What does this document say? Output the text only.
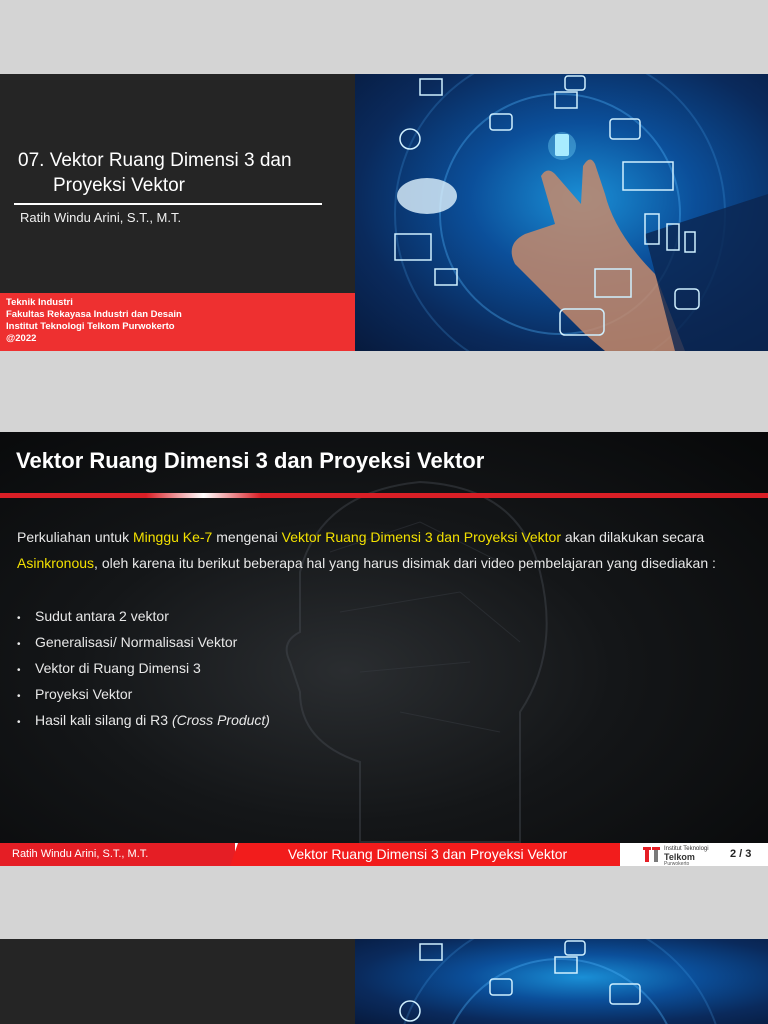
07. Vektor Ruang Dimensi 3 dan
Proyeksi Vektor
Ratih Windu Arini, S.T., M.T.
Teknik Industri
Fakultas Rekayasa Industri dan Desain
Institut Teknologi Telkom Purwokerto
@2022
Vektor Ruang Dimensi 3 dan Proyeksi Vektor
Perkuliahan untuk Minggu Ke-7 mengenai Vektor Ruang Dimensi 3 dan Proyeksi Vektor akan dilakukan secara Asinkronous, oleh karena itu berikut beberapa hal yang harus disimak dari video pembelajaran yang disediakan :
• Sudut antara 2 vektor
• Generalisasi/ Normalisasi Vektor
• Vektor di Ruang Dimensi 3
• Proyeksi Vektor
• Hasil kali silang di R3 (Cross Product)
Ratih Windu Arini, S.T., M.T.	Vektor Ruang Dimensi 3 dan Proyeksi Vektor	Institut Teknologi
Telkom
Purwokerto
2 / 3
